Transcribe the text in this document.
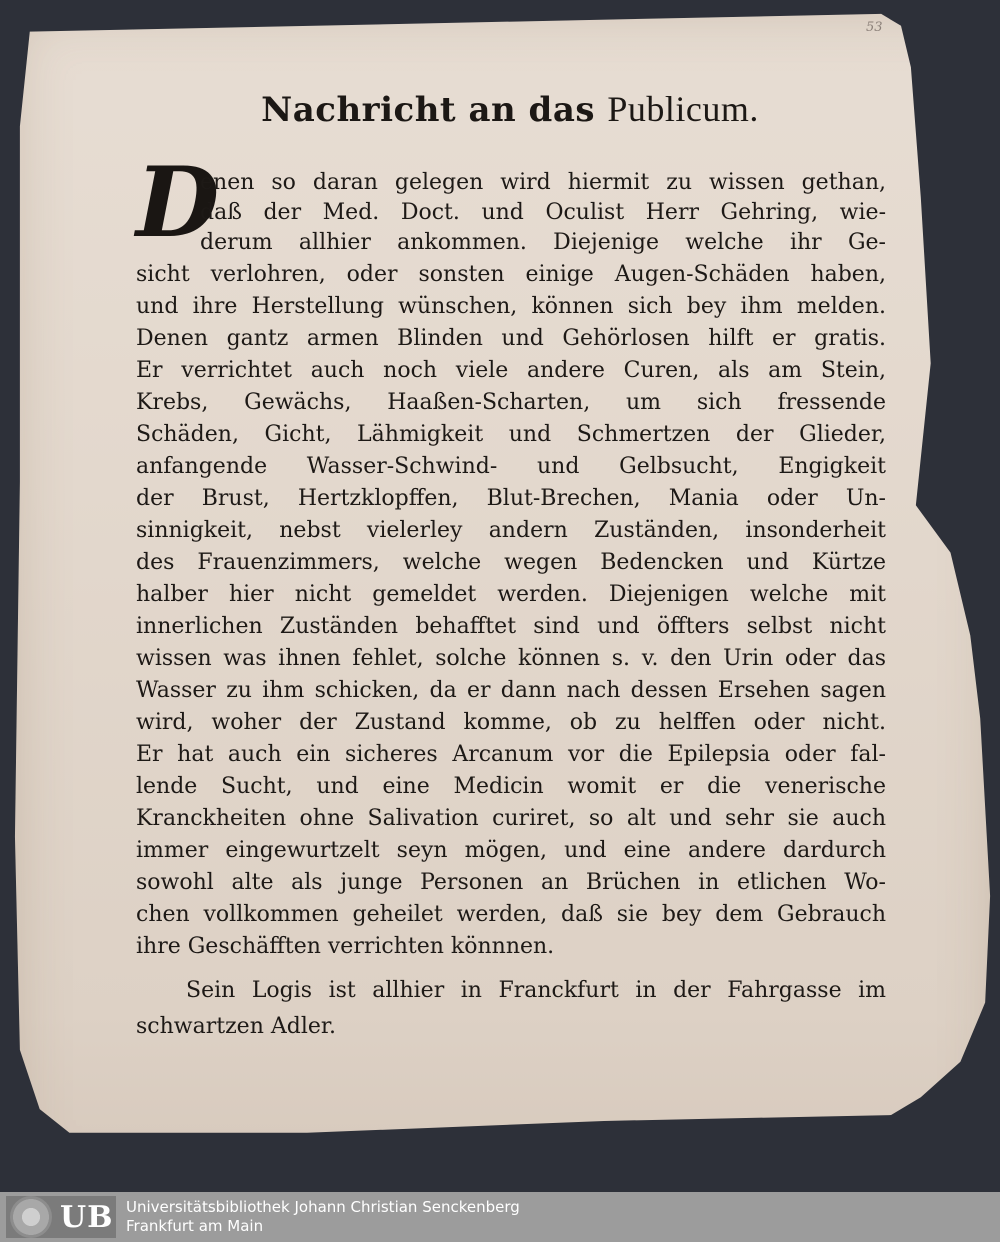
53
Nachricht an das Publicum.
D
enen so daran gelegen wird hiermit zu wissen gethan,
daß der Med. Doct. und Oculist Herr Gehring, wie-
derum allhier ankommen. Diejenige welche ihr Ge-
sicht verlohren, oder sonsten einige Augen-Schäden haben,
und ihre Herstellung wünschen, können sich bey ihm melden.
Denen gantz armen Blinden und Gehörlosen hilft er gratis.
Er verrichtet auch noch viele andere Curen, als am Stein,
Krebs, Gewächs, Haaßen-Scharten, um sich fressende
Schäden, Gicht, Lähmigkeit und Schmertzen der Glieder,
anfangende Wasser-Schwind- und Gelbsucht, Engigkeit
der Brust, Hertzklopffen, Blut-Brechen, Mania oder Un-
sinnigkeit, nebst vielerley andern Zuständen, insonderheit
des Frauenzimmers, welche wegen Bedencken und Kürtze
halber hier nicht gemeldet werden. Diejenigen welche mit
innerlichen Zuständen behafftet sind und öffters selbst nicht
wissen was ihnen fehlet, solche können s. v. den Urin oder das
Wasser zu ihm schicken, da er dann nach dessen Ersehen sagen
wird, woher der Zustand komme, ob zu helffen oder nicht.
Er hat auch ein sicheres Arcanum vor die Epilepsia oder fal-
lende Sucht, und eine Medicin womit er die venerische
Kranckheiten ohne Salivation curiret, so alt und sehr sie auch
immer eingewurtzelt seyn mögen, und eine andere dardurch
sowohl alte als junge Personen an Brüchen in etlichen Wo-
chen vollkommen geheilet werden, daß sie bey dem Gebrauch
ihre Geschäfften verrichten könnnen.
Sein Logis ist allhier in Franckfurt in der Fahrgasse im
schwartzen Adler.
UB Universitätsbibliothek Johann Christian Senckenberg
Frankfurt am Main
